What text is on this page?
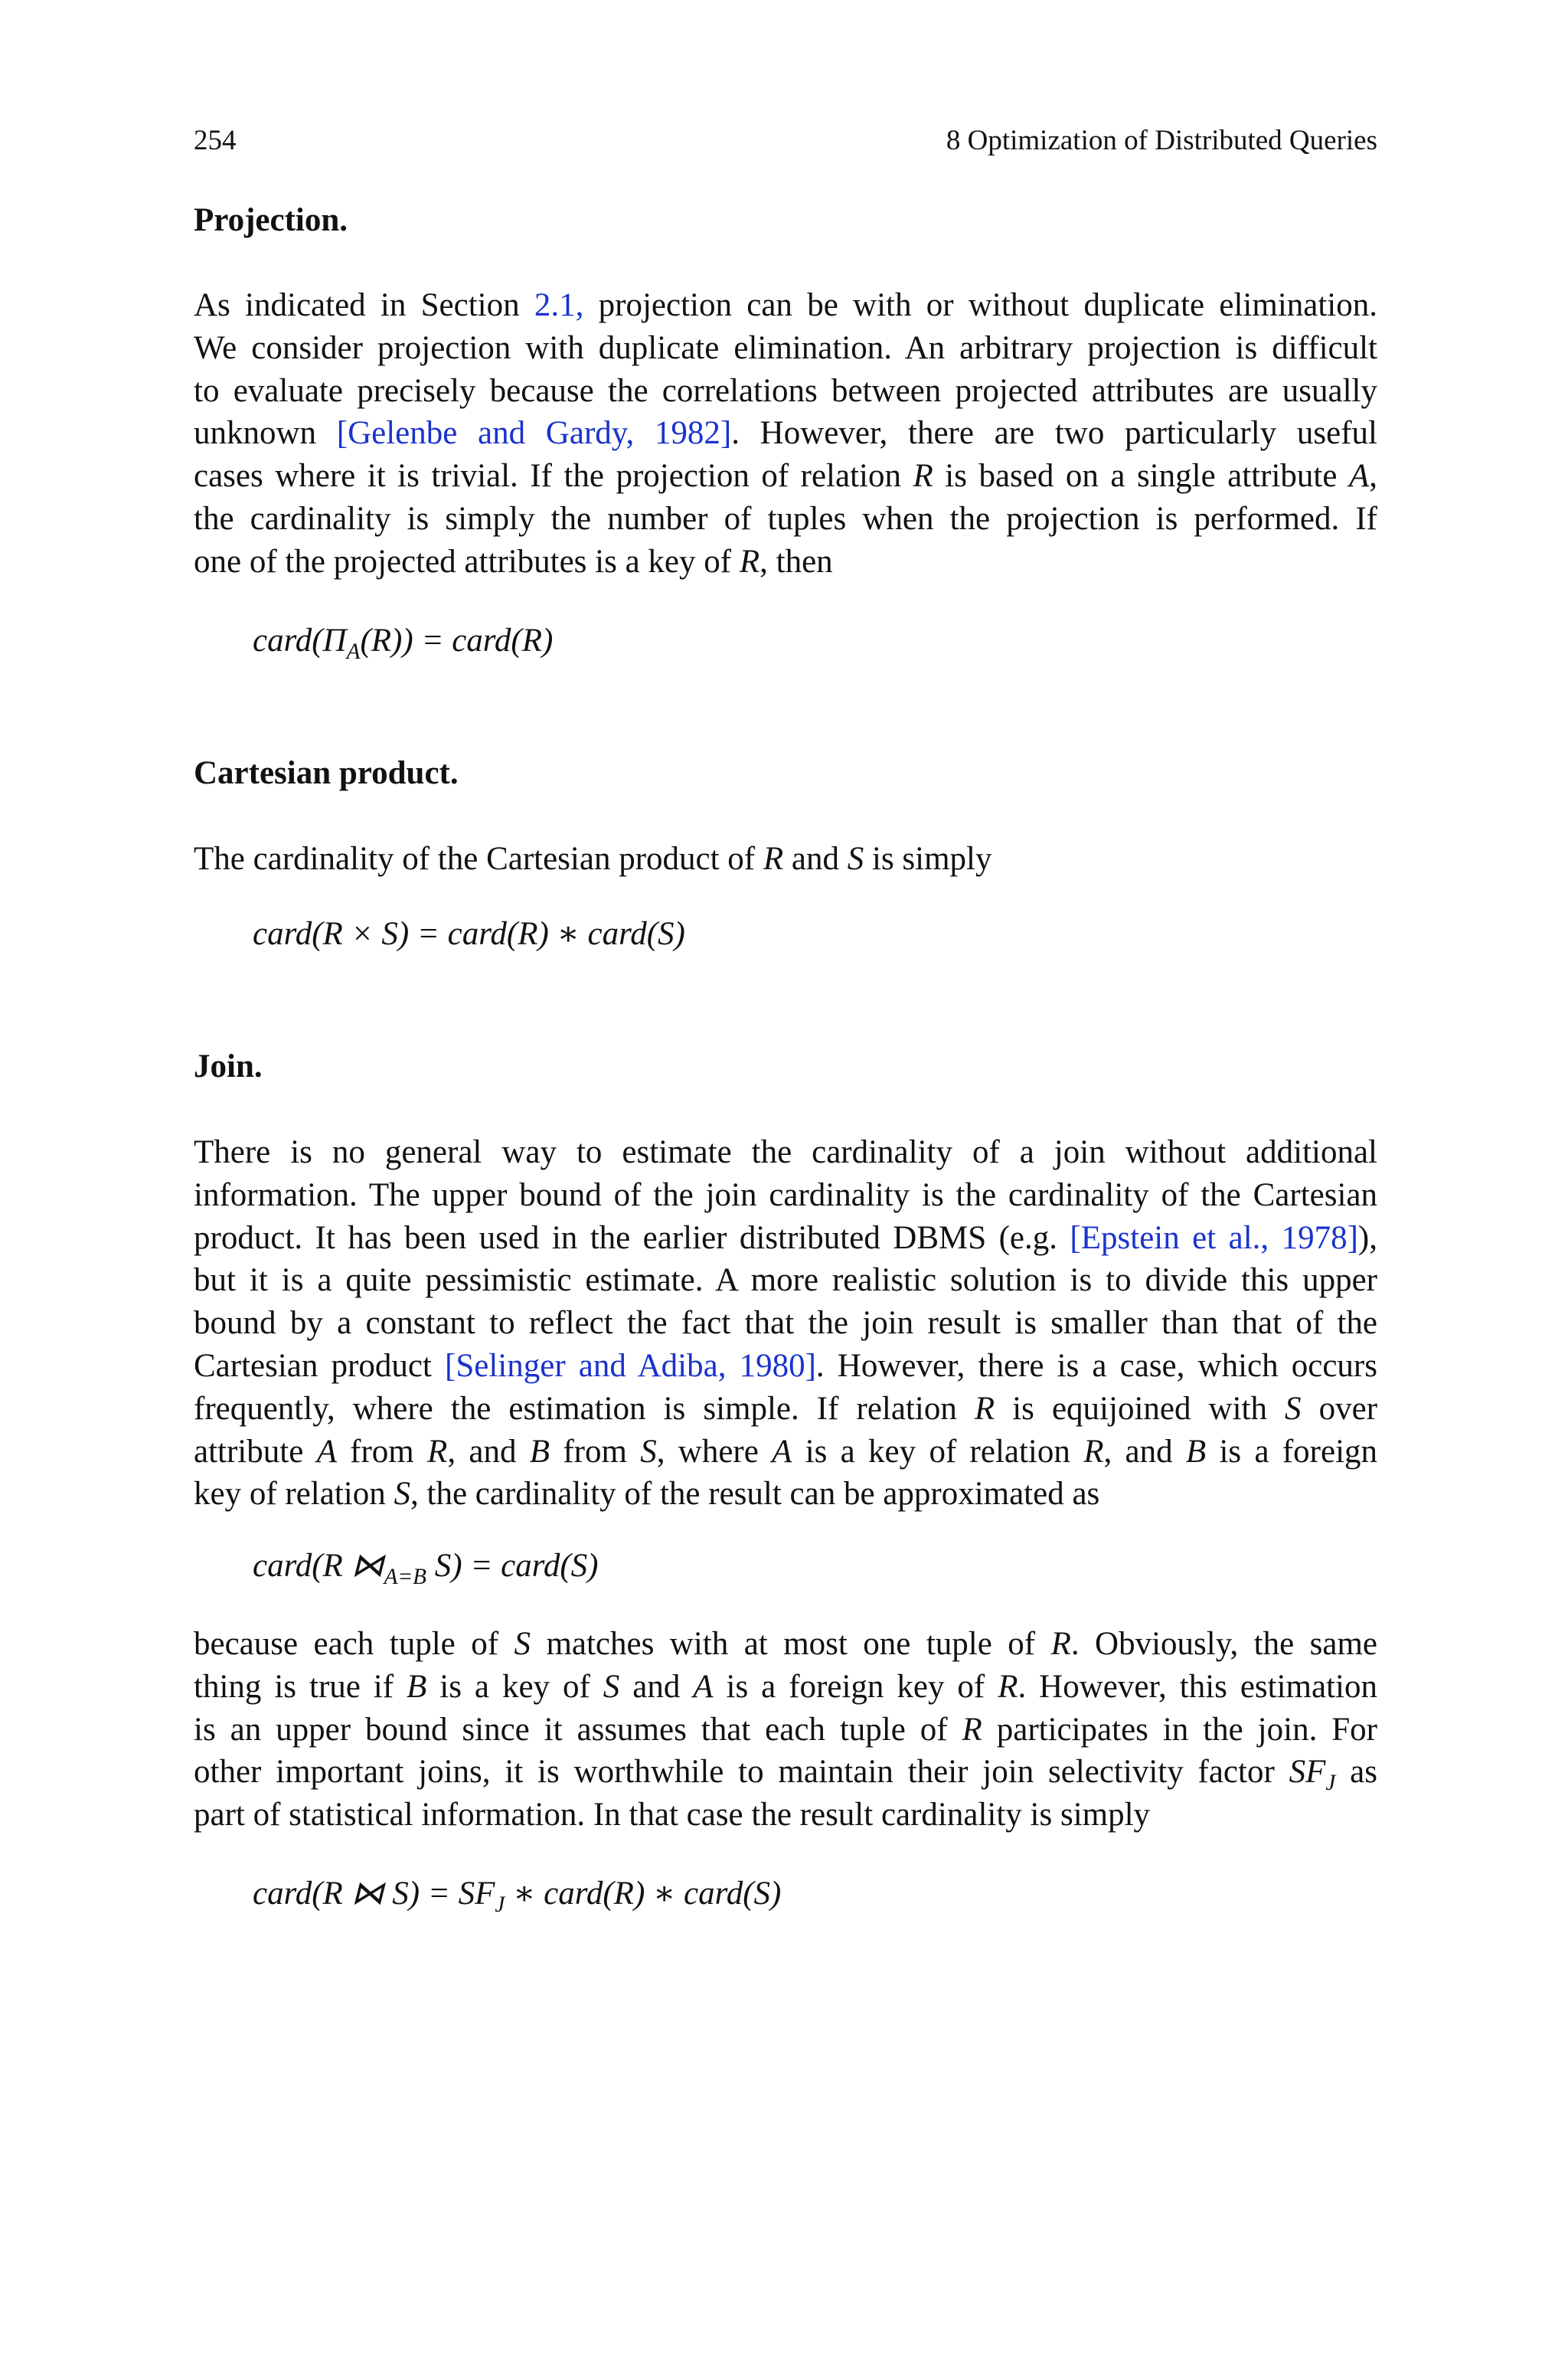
254	8 Optimization of Distributed Queries
Projection.
As indicated in Section 2.1, projection can be with or without duplicate elimination.
We consider projection with duplicate elimination. An arbitrary projection is difficult
to evaluate precisely because the correlations between projected attributes are usually
unknown [Gelenbe and Gardy, 1982]. However, there are two particularly useful
cases where it is trivial. If the projection of relation R is based on a single attribute A,
the cardinality is simply the number of tuples when the projection is performed. If
one of the projected attributes is a key of R, then
$card(\Pi_A(R))$ = card(R)
Cartesian product.
The cardinality of the Cartesian product of R and S is simply
card(R × S) = card(R) ∗ card(S)
Join.
There is no general way to estimate the cardinality of a join without additional
information. The upper bound of the join cardinality is the cardinality of the Cartesian
product. It has been used in the earlier distributed DBMS (e.g. [Epstein et al., 1978]),
but it is a quite pessimistic estimate. A more realistic solution is to divide this upper
bound by a constant to reflect the fact that the join result is smaller than that of the
Cartesian product [Selinger and Adiba, 1980]. However, there is a case, which occurs
frequently, where the estimation is simple. If relation R is equijoined with S over
attribute A from R, and B from S, where A is a key of relation R, and B is a foreign
key of relation S, the cardinality of the result can be approximated as
card(R $⋈_{A=B}$ S) = card(S)
because each tuple of S matches with at most one tuple of R. Obviously, the same
thing is true if B is a key of S and A is a foreign key of R. However, this estimation
is an upper bound since it assumes that each tuple of R participates in the join. For
other important joins, it is worthwhile to maintain their join selectivity factor $SF_J$ as
part of statistical information. In that case the result cardinality is simply
card(R ⋈ $S) = SF_J$ ∗ card(R) ∗ card(S)
